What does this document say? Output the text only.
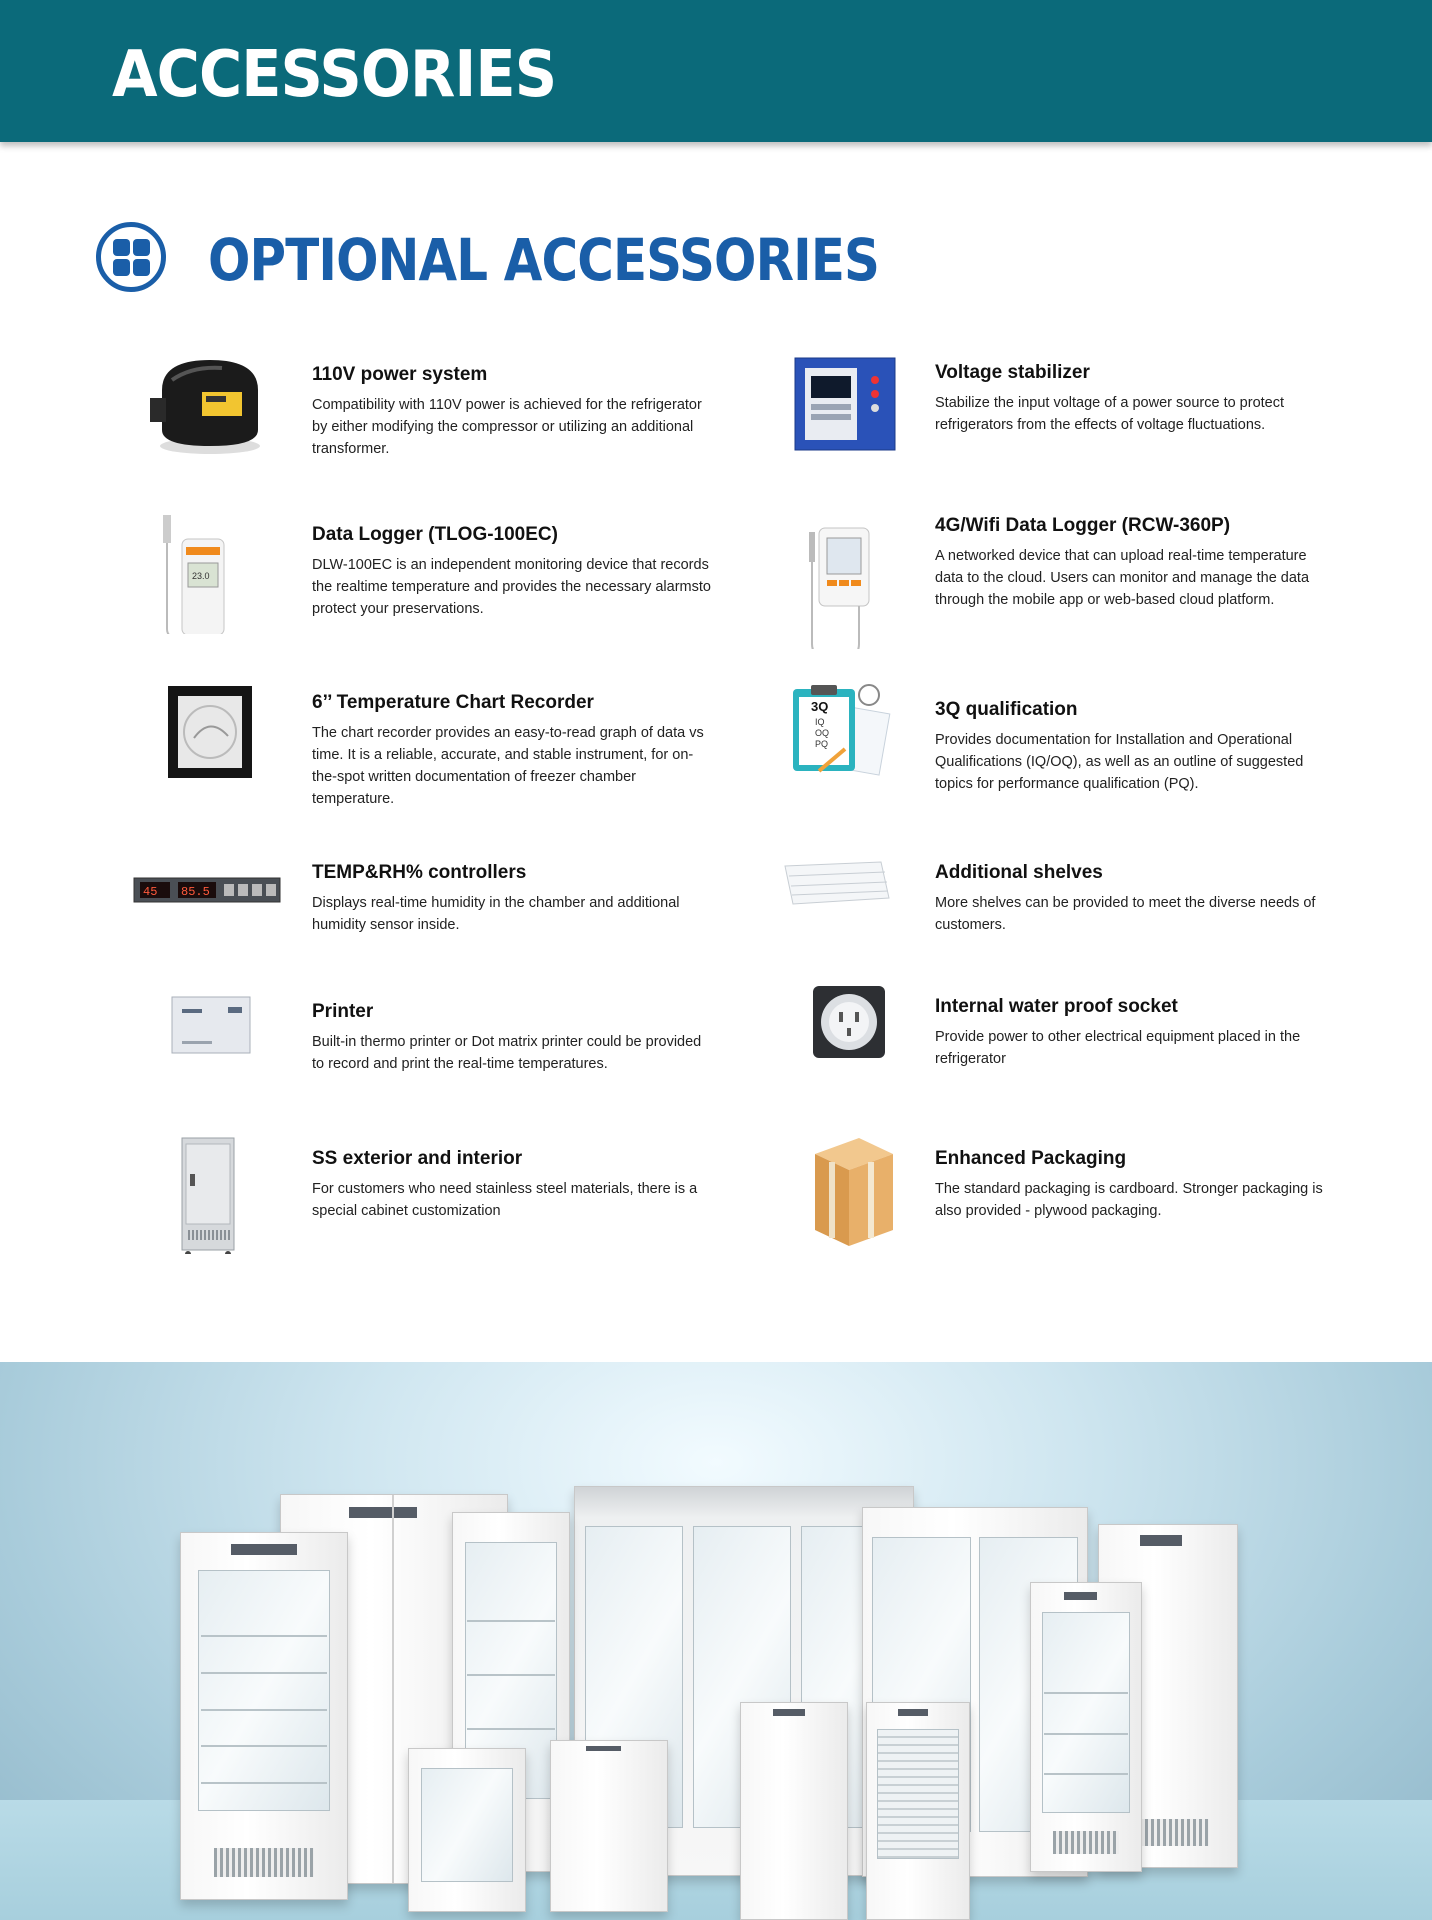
ACCESSORIES
OPTIONAL ACCESSORIES
110V power system

Compatibility with 110V power is achieved for the refrigerator by either modifying the compressor or utilizing an additional transformer.

23.0
Data Logger (TLOG-100EC)

DLW-100EC is an independent monitoring device that records the realtime temperature and provides the necessary alarmsto protect your preservations.

6’’ Temperature Chart Recorder

The chart recorder provides an easy-to-read graph of data vs time. It is a reliable, accurate, and stable instrument, for on-the-spot written documentation of freezer chamber temperature.

45 85.5
TEMP&RH% controllers

Displays real-time humidity in the chamber and additional humidity sensor inside.

Printer

Built-in thermo printer or Dot matrix printer could be provided to record and print the real-time temperatures.

SS exterior and interior

For customers who need stainless steel materials, there is a special cabinet customization

Voltage stabilizer

Stabilize the input voltage of a power source to protect refrigerators from the effects of voltage fluctuations.

4G/Wifi Data Logger (RCW-360P)

A networked device that can upload real-time temperature data to the cloud. Users can monitor and manage the data through the mobile app or web-based cloud platform.

3Q
IQ
OQ
PQ
3Q qualification

Provides documentation for Installation and Operational Qualifications (IQ/OQ), as well as an outline of suggested topics for performance qualification (PQ).

Additional shelves

More shelves can be provided to meet the diverse needs of customers.

Internal water proof socket

Provide power to other electrical equipment placed in the refrigerator

Enhanced Packaging

The standard packaging is cardboard. Stronger packaging is also provided - plywood packaging.
